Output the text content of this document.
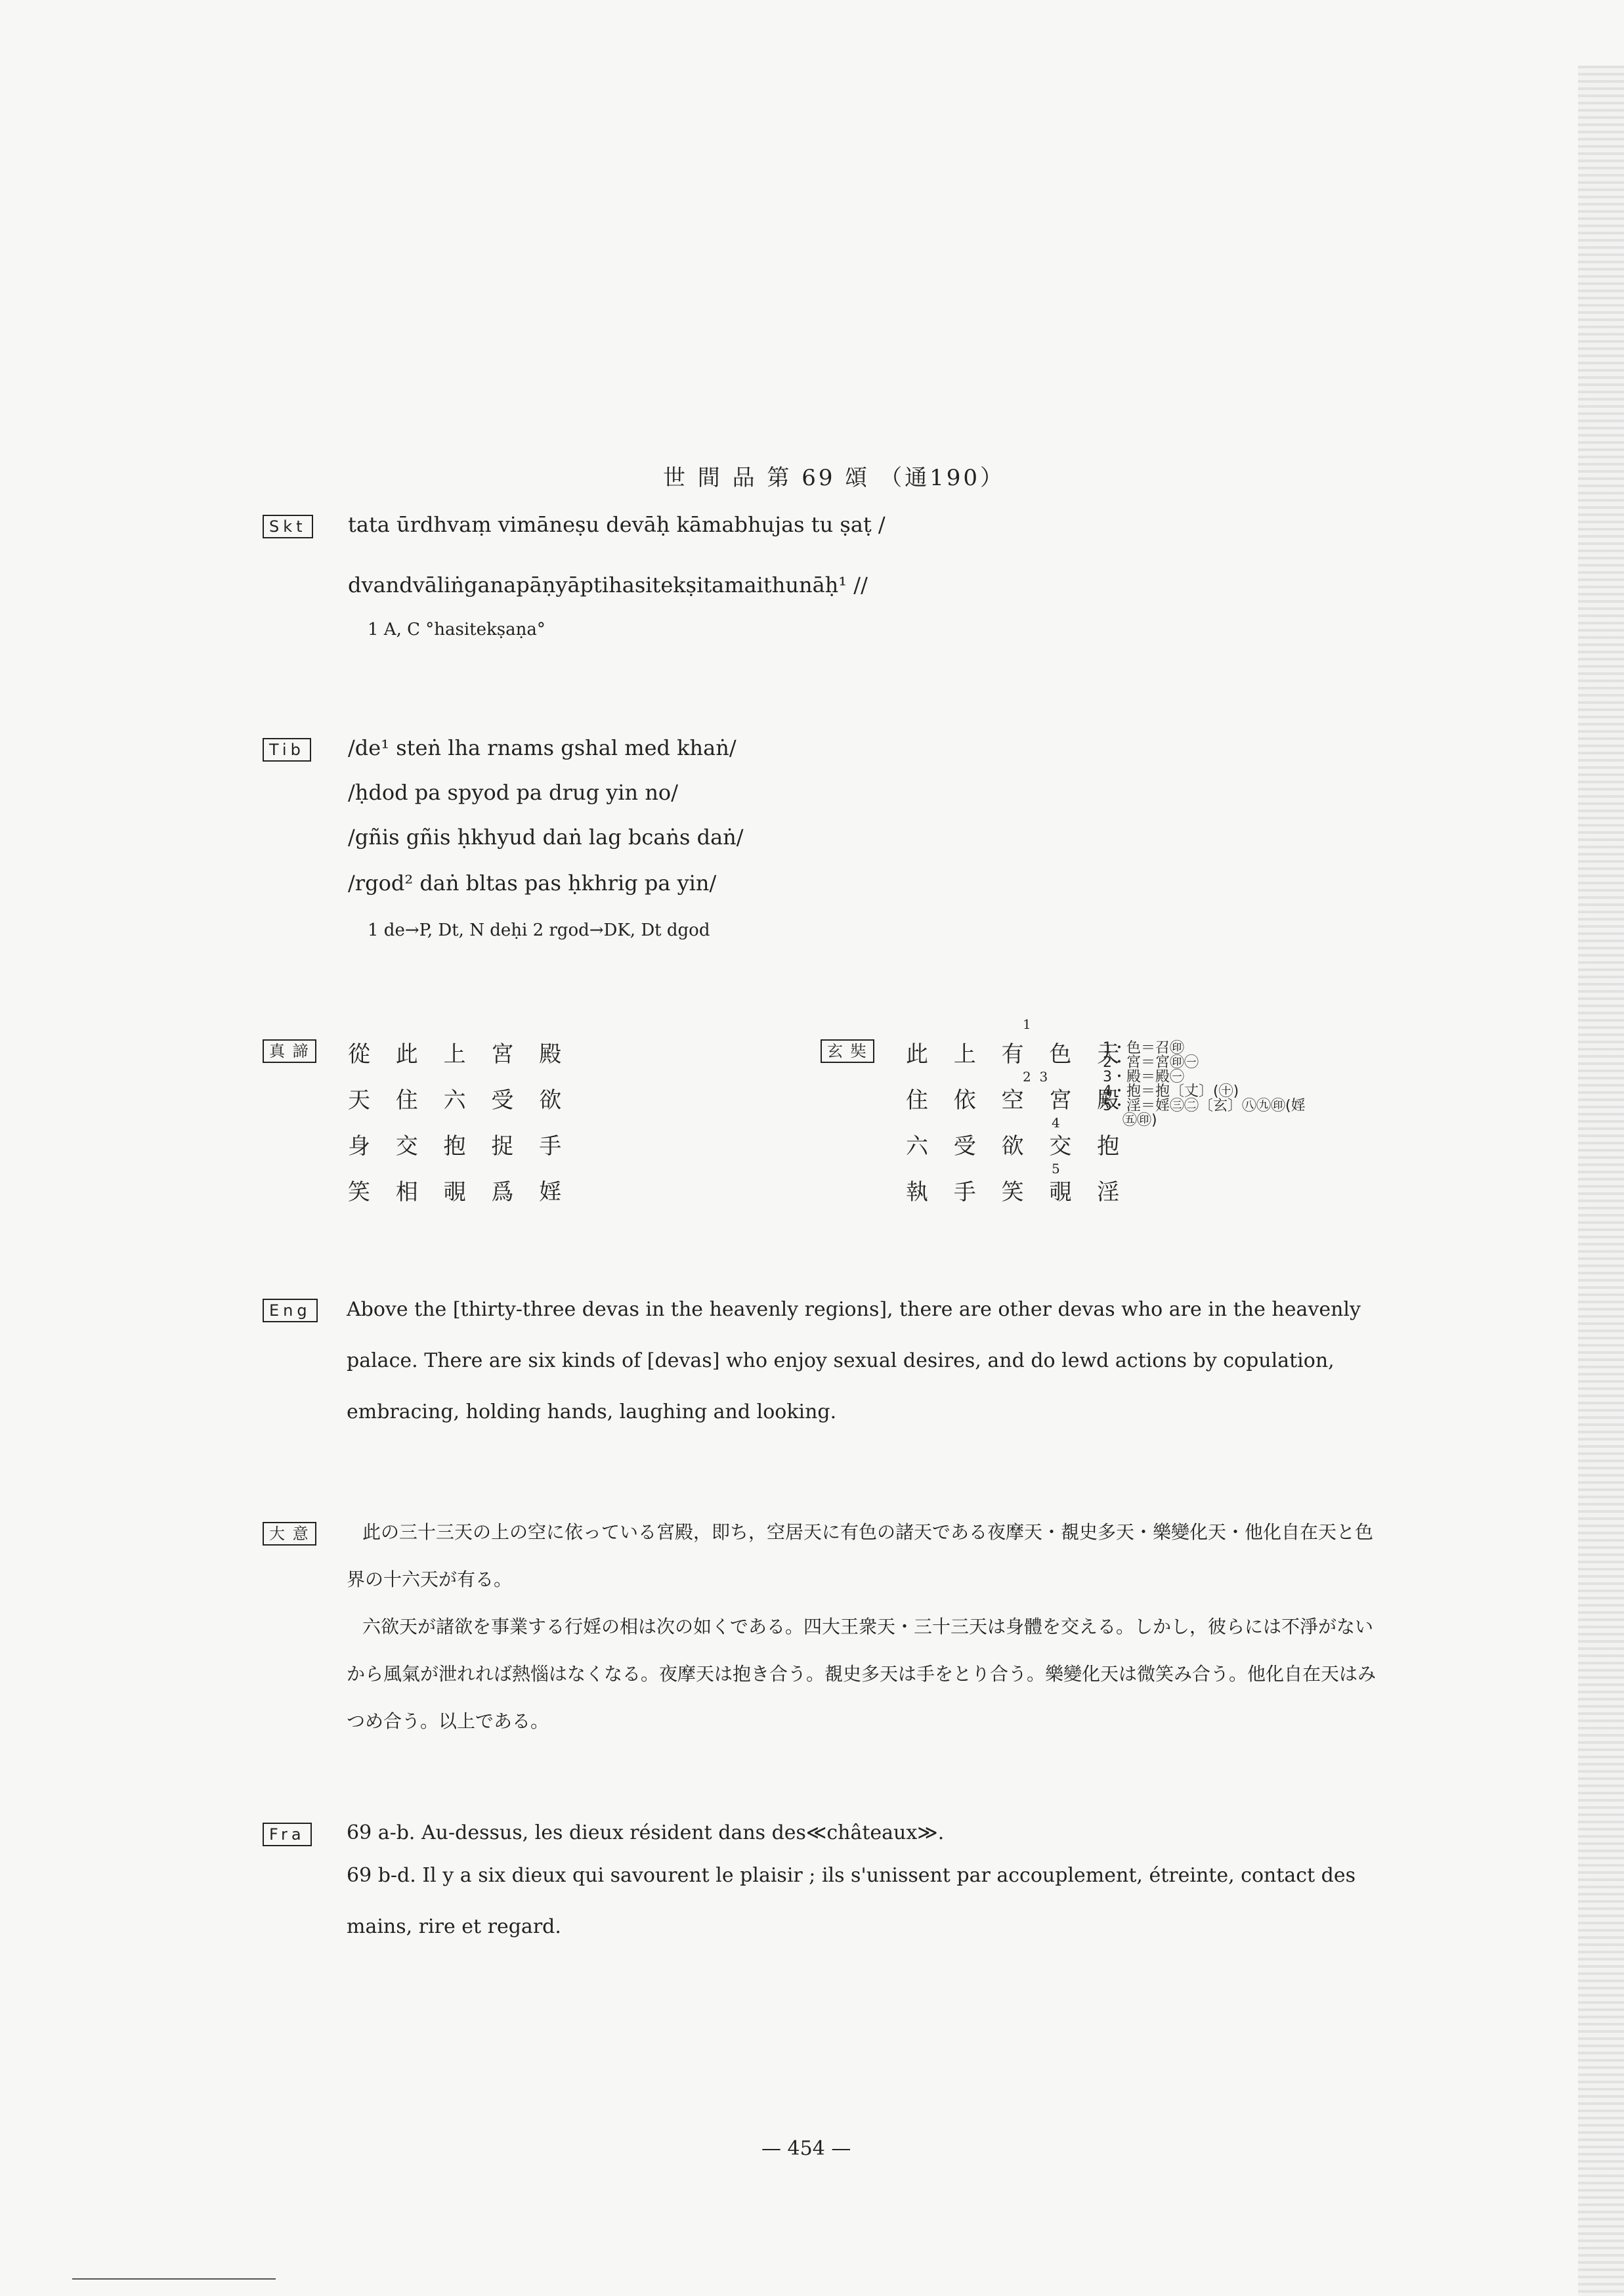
世 間 品 第 69 頌 （通190）
Skt	tata ūrdhvaṃ vimāneṣu devāḥ kāmabhujas tu ṣaṭ /
dvandvāliṅganapāṇyāptihasitekṣitamaithunāḥ¹ //
1 A, C °hasitekṣaṇa°
Tib	/de¹ steṅ lha rnams gshal med khaṅ/
/ḥdod pa spyod pa drug yin no/
/gñis gñis ḥkhyud daṅ lag bcaṅs daṅ/
/rgod² daṅ bltas pas ḥkhrig pa yin/
1 de→P, Dt, N deḥi 2 rgod→DK, Dt dgod
真 諦 從 此 上 宮 殿
天 住 六 受 欲
身 交 抱 捉 手
笑 相 覗 爲 婬
玄 奘
1
此 上 有 色 天
2  3
住 依 空 宮 殿
4
六 受 欲 交 抱
5
執 手 笑 覗 淫
1・色＝召㊞
2・宮＝宮㊞㊀
3・殿＝殿㊀
4・抱＝抱〔丈〕(㊉)
5・淫＝婬㊂㊁〔玄〕㊇㊈㊞(婬
㊄㊞)
Eng	Above the [thirty-three devas in the heavenly regions], there are other devas who are in the heavenly palace. There are six kinds of [devas] who enjoy sexual desires, and do lewd actions by copulation, embracing, holding hands, laughing and looking.
大 意	此の三十三天の上の空に依っている宮殿，即ち，空居天に有色の諸天である夜摩天・覩史多天・樂變化天・他化自在天と色界の十六天が有る。
六欲天が諸欲を事業する行婬の相は次の如くである。四大王衆天・三十三天は身體を交える。しかし，彼らには不淨がないから風氣が泄れれば熱惱はなくなる。夜摩天は抱き合う。覩史多天は手をとり合う。樂變化天は微笑み合う。他化自在天はみつめ合う。以上である。
Fra	69 a-b. Au-dessus, les dieux résident dans des≪châteaux≫.
69 b-d. Il y a six dieux qui savourent le plaisir ; ils s'unissent par accouplement, étreinte, contact des mains, rire et regard.
— 454 —
